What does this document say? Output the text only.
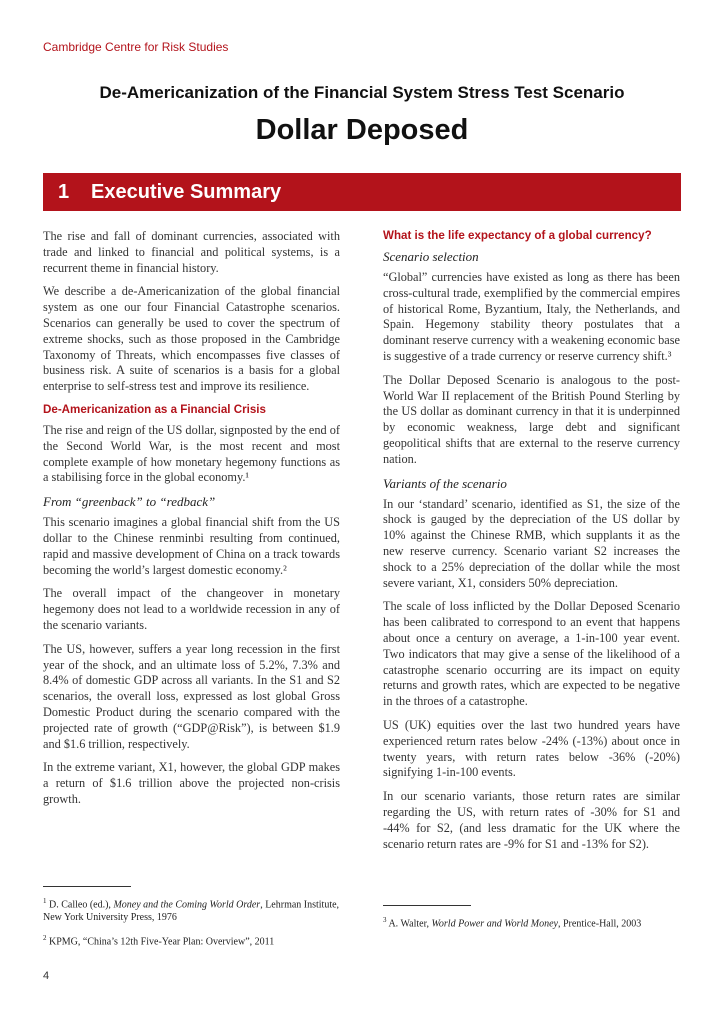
Cambridge Centre for Risk Studies
De-Americanization of the Financial System Stress Test Scenario
Dollar Deposed
1 Executive Summary

The rise and fall of dominant currencies, associated with trade and linked to financial and political systems, is a recurrent theme in financial history.

We describe a de-Americanization of the global financial system as one our four Financial Catastrophe scenarios. Scenarios can generally be used to cover the spectrum of extreme shocks, such as those proposed in the Cambridge Taxonomy of Threats, which encompasses five classes of business risk. A suite of scenarios is a basis for a global enterprise to self-stress test and improve its resilience.

De-Americanization as a Financial Crisis

The rise and reign of the US dollar, signposted by the end of the Second World War, is the most recent and most complete example of how monetary hegemony functions as a stabilising force in the global economy.¹

From “greenback” to “redback”

This scenario imagines a global financial shift from the US dollar to the Chinese renminbi resulting from continued, rapid and massive development of China on a track towards becoming the world’s largest domestic economy.²

The overall impact of the changeover in monetary hegemony does not lead to a worldwide recession in any of the scenario variants.

The US, however, suffers a year long recession in the first year of the shock, and an ultimate loss of 5.2%, 7.3% and 8.4% of domestic GDP across all variants. In the S1 and S2 scenarios, the overall loss, expressed as lost global Gross Domestic Product during the scenario compared with the projected rate of growth (“GDP@Risk”), is between $1.9 and $1.6 trillion, respectively.

In the extreme variant, X1, however, the global GDP makes a return of $1.6 trillion above the projected non-crisis growth.

What is the life expectancy of a global currency?
Scenario selection

“Global” currencies have existed as long as there has been cross-cultural trade, exemplified by the commercial empires of historical Rome, Byzantium, Italy, the Netherlands, and Spain. Hegemony stability theory postulates that a dominant reserve currency with a weakening economic base is suggestive of a trade currency or reserve currency shift.³

The Dollar Deposed Scenario is analogous to the post-World War II replacement of the British Pound Sterling by the US dollar as dominant currency in that it is underpinned by economic weakness, large debt and significant geopolitical shifts that are external to the reserve currency nation.

Variants of the scenario

In our ‘standard’ scenario, identified as S1, the size of the shock is gauged by the depreciation of the US dollar by 10% against the Chinese RMB, which supplants it as the new reserve currency. Scenario variant S2 increases the shock to a 25% depreciation of the dollar while the most severe variant, X1, considers 50% depreciation.

The scale of loss inflicted by the Dollar Deposed Scenario has been calibrated to correspond to an event that happens about once a century on average, a 1-in-100 year event. Two indicators that may give a sense of the likelihood of a catastrophe scenario occurring are its impact on equity returns and growth rates, which are expected to be negative in the throes of a catastrophe.

US (UK) equities over the last two hundred years have experienced return rates below -24% (-13%) about once in twenty years, with return rates below -36% (-20%) signifying 1-in-100 events.

In our scenario variants, those return rates are similar regarding the US, with return rates of -30% for S1 and -44% for S2, (and less dramatic for the UK where the scenario return rates are -9% for S1 and -13% for S2).

$^1$ D. Calleo (ed.), Money and the Coming World Order, Lehrman Institute, New York University Press, 1976

$^2$ KPMG, “China’s 12th Five-Year Plan: Overview”, 2011

$^3$ A. Walter, World Power and World Money, Prentice-Hall, 2003

4
